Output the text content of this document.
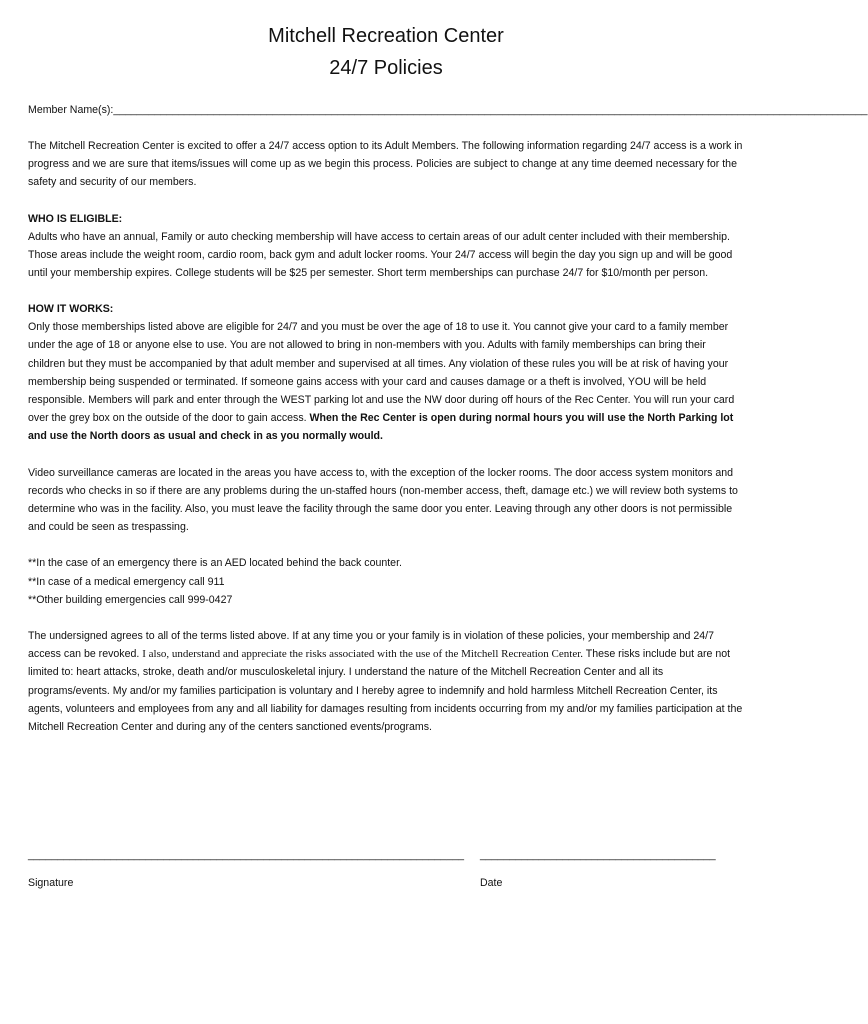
Mitchell Recreation Center
24/7 Policies
Member Name(s):________________________________________________________________________________________________________________________________

The Mitchell Recreation Center is excited to offer a 24/7 access option to its Adult Members. The following information regarding 24/7 access is a work in progress and we are sure that items/issues will come up as we begin this process. Policies are subject to change at any time deemed necessary for the safety and security of our members.

WHO IS ELIGIBLE:

Adults who have an annual, Family or auto checking membership will have access to certain areas of our adult center included with their membership. Those areas include the weight room, cardio room, back gym and adult locker rooms. Your 24/7 access will begin the day you sign up and will be good until your membership expires. College students will be $25 per semester. Short term memberships can purchase 24/7 for $10/month per person.

HOW IT WORKS:

Only those memberships listed above are eligible for 24/7 and you must be over the age of 18 to use it. You cannot give your card to a family member under the age of 18 or anyone else to use. You are not allowed to bring in non-members with you. Adults with family memberships can bring their children but they must be accompanied by that adult member and supervised at all times. Any violation of these rules you will be at risk of having your membership being suspended or terminated. If someone gains access with your card and causes damage or a theft is involved, YOU will be held responsible. Members will park and enter through the WEST parking lot and use the NW door during off hours of the Rec Center. You will run your card over the grey box on the outside of the door to gain access. When the Rec Center is open during normal hours you will use the North Parking lot and use the North doors as usual and check in as you normally would.

Video surveillance cameras are located in the areas you have access to, with the exception of the locker rooms. The door access system monitors and records who checks in so if there are any problems during the un-staffed hours (non-member access, theft, damage etc.) we will review both systems to determine who was in the facility. Also, you must leave the facility through the same door you enter. Leaving through any other doors is not permissible and could be seen as trespassing.

**In the case of an emergency there is an AED located behind the back counter.

**In case of a medical emergency call 911

**Other building emergencies call 999-0427

The undersigned agrees to all of the terms listed above. If at any time you or your family is in violation of these policies, your membership and 24/7 access can be revoked. I also, understand and appreciate the risks associated with the use of the Mitchell Recreation Center. These risks include but are not limited to: heart attacks, stroke, death and/or musculoskeletal injury. I understand the nature of the Mitchell Recreation Center and all its programs/events. My and/or my families participation is voluntary and I hereby agree to indemnify and hold harmless Mitchell Recreation Center, its agents, volunteers and employees from any and all liability for damages resulting from incidents occurring from my and/or my families participation at the Mitchell Recreation Center and during any of the centers sanctioned events/programs.

__________________________________________________________________________ ________________________________________
Signature	Date
